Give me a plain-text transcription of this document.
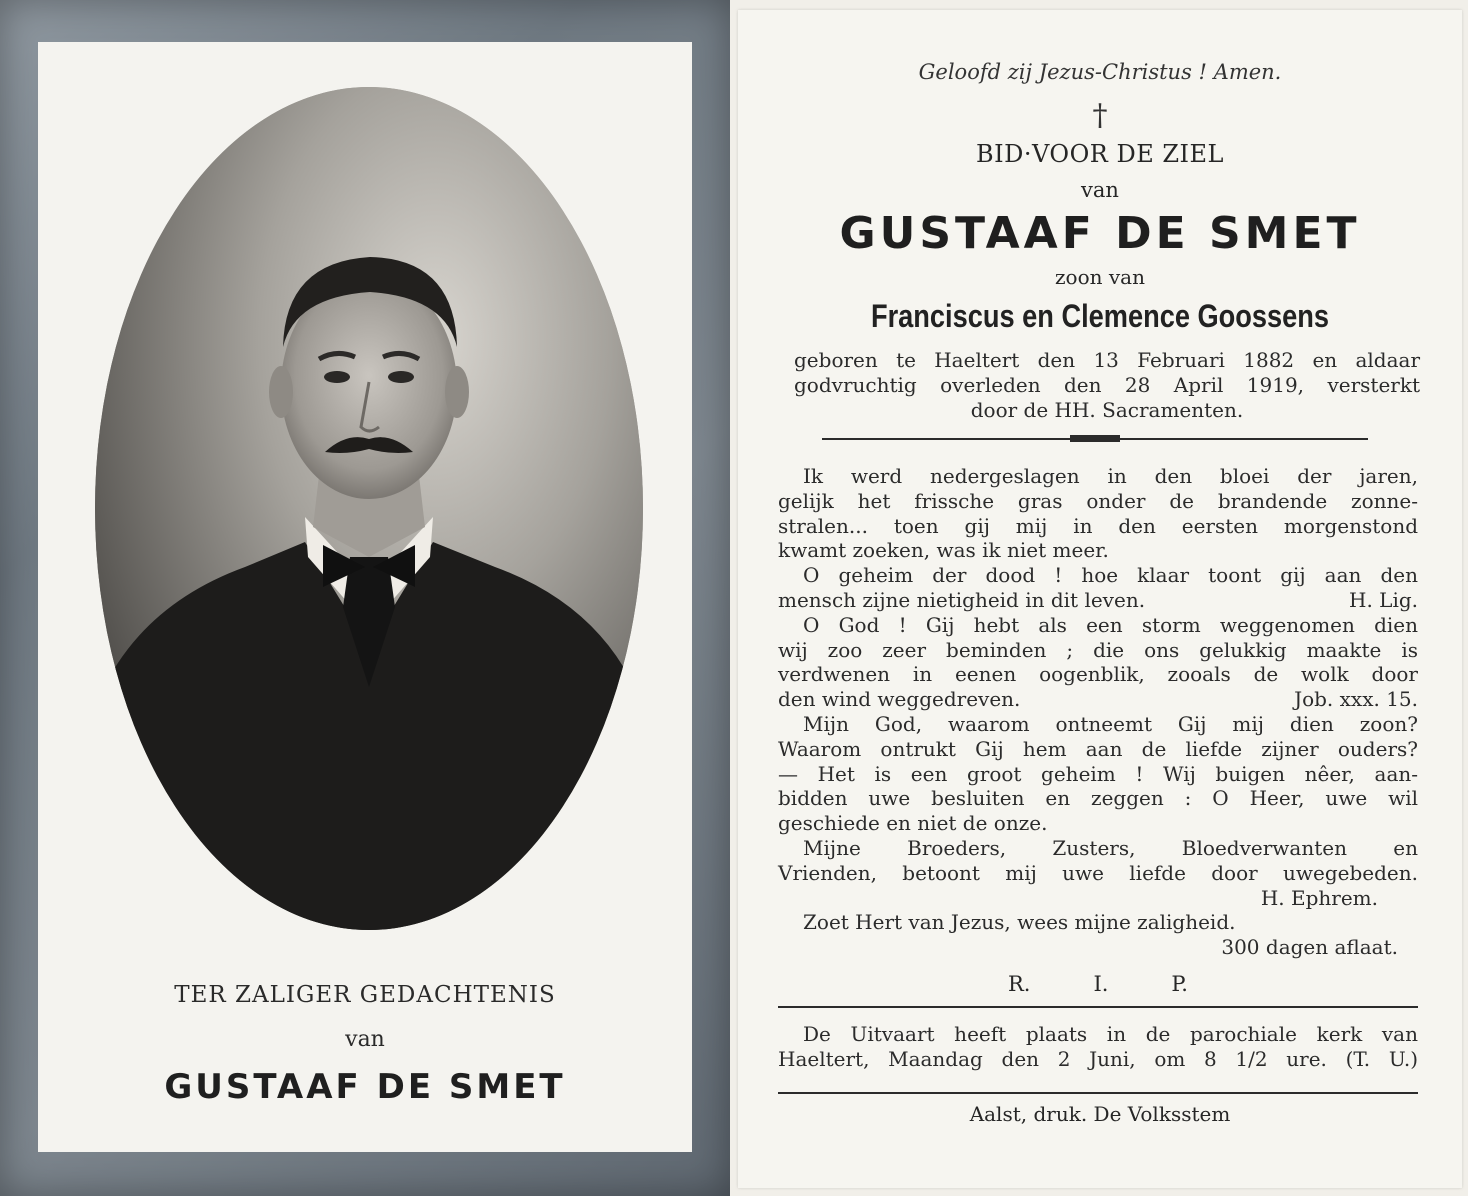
TER ZALIGER GEDACHTENIS
van
GUSTAAF DE SMET
Geloofd zij Jezus-Christus ! Amen.
†
BID·VOOR DE ZIEL
van
GUSTAAF DE SMET
zoon van
Franciscus en Clemence Goossens
geboren te Haeltert den 13 Februari 1882 en aldaar
godvruchtig overleden den 28 April 1919, versterkt
door de HH. Sacramenten.
Ik werd nedergeslagen in den bloei der jaren,
gelijk het frissche gras onder de brandende zonne-
stralen... toen gij mij in den eersten morgenstond
kwamt zoeken, was ik niet meer.
O geheim der dood ! hoe klaar toont gij aan den
mensch zijne nietigheid in dit leven.	H. Lig.
O God ! Gij hebt als een storm weggenomen dien
wij zoo zeer beminden ; die ons gelukkig maakte is
verdwenen in eenen oogenblik, zooals de wolk door
den wind weggedreven.	Job. xxx. 15.
Mijn God, waarom ontneemt Gij mij dien zoon?
Waarom ontrukt Gij hem aan de liefde zijner ouders?
— Het is een groot geheim ! Wij buigen nêer, aan-
bidden uwe besluiten en zeggen : O Heer, uwe wil
geschiede en niet de onze.
Mijne Broeders, Zusters, Bloedverwanten en
Vrienden, betoont mij uwe liefde door uwegebeden.
H. Ephrem.
Zoet Hert van Jezus, wees mijne zaligheid.
300 dagen aflaat.
R.	I.	P.
De Uitvaart heeft plaats in de parochiale kerk van
Haeltert, Maandag den 2 Juni, om 8 1/2 ure. (T. U.)
Aalst, druk. De Volksstem
